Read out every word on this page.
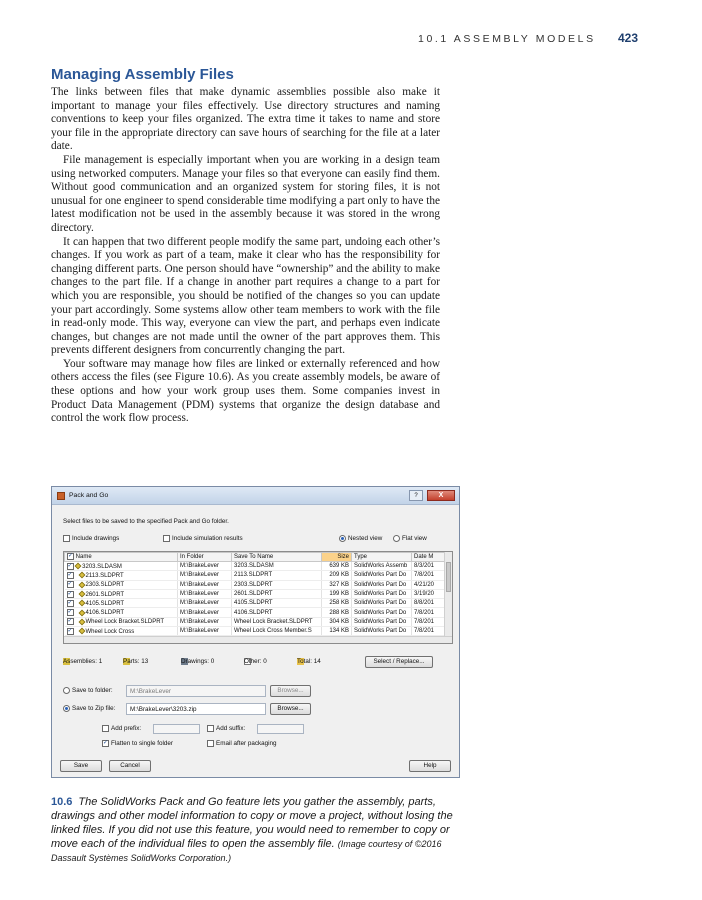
10.1 ASSEMBLY MODELS 423
Managing Assembly Files

The links between files that make dynamic assemblies possible also make it important to manage your files effectively. Use directory structures and naming conventions to keep your files organized. The extra time it takes to name and store your file in the appropriate directory can save hours of searching for the file at a later date.

File management is especially important when you are working in a design team using networked computers. Manage your files so that everyone can easily find them. Without good communication and an organized system for storing files, it is not unusual for one engineer to spend considerable time modifying a part only to have the latest modification not be used in the assembly because it was stored in the wrong directory.

It can happen that two different people modify the same part, undoing each other’s changes. If you work as part of a team, make it clear who has the responsibility for changing different parts. One person should have “ownership” and the ability to make changes to the part file. If a change in another part requires a change to a part for which you are responsible, you should be notified of the changes so you can update your part accordingly. Some systems allow other team members to work with the file in read-only mode. This way, everyone can view the part, and perhaps even indicate changes, but changes are not made until the owner of the part approves them. This prevents different designers from concurrently changing the part.

Your software may manage how files are linked or externally referenced and how others access the files (see Figure 10.6). As you create assembly models, be aware of these options and how your work group uses them. Some companies invest in Product Data Management (PDM) systems that organize the design database and control the work flow process.

Pack and Go	?	X
Select files to be saved to the specified Pack and Go folder.
Include drawings	Include simulation results	Nested view	Flat view
✓ Name	In Folder	Save To Name	Size	Type	Date M
✓ 3203.SLDASM	M:\BrakeLever	3203.SLDASM	639 KB	SolidWorks Assemb	8/3/201
✓ 2113.SLDPRT	M:\BrakeLever	2113.SLDPRT	209 KB	SolidWorks Part Do	7/8/201
✓ 2303.SLDPRT	M:\BrakeLever	2303.SLDPRT	327 KB	SolidWorks Part Do	4/21/20
✓ 2601.SLDPRT	M:\BrakeLever	2601.SLDPRT	199 KB	SolidWorks Part Do	3/19/20
✓ 4105.SLDPRT	M:\BrakeLever	4105.SLDPRT	258 KB	SolidWorks Part Do	8/8/201
✓ 4106.SLDPRT	M:\BrakeLever	4106.SLDPRT	288 KB	SolidWorks Part Do	7/8/201
✓ Wheel Lock Bracket.SLDPRT	M:\BrakeLever	Wheel Lock Bracket.SLDPRT	304 KB	SolidWorks Part Do	7/8/201
✓ Wheel Lock Cross	M:\BrakeLever	Wheel Lock Cross Member.S	134 KB	SolidWorks Part Do	7/8/201
Assemblies: 1	Parts: 13	Drawings: 0	Other: 0	Total: 14	Select / Replace...
Save to folder:	M:\BrakeLever	Browse...
Save to Zip file:	M:\BrakeLever\3203.zip	Browse...
Add prefix:	Add suffix:
✓ Flatten to single folder	Email after packaging
Save	Cancel	Help
10.6 The SolidWorks Pack and Go feature lets you gather the assembly, parts, drawings and other model information to copy or move a project, without losing the linked files. If you did not use this feature, you would need to remember to copy or move each of the individual files to open the assembly file. (Image courtesy of ©2016 Dassault Systèmes SolidWorks Corporation.)
